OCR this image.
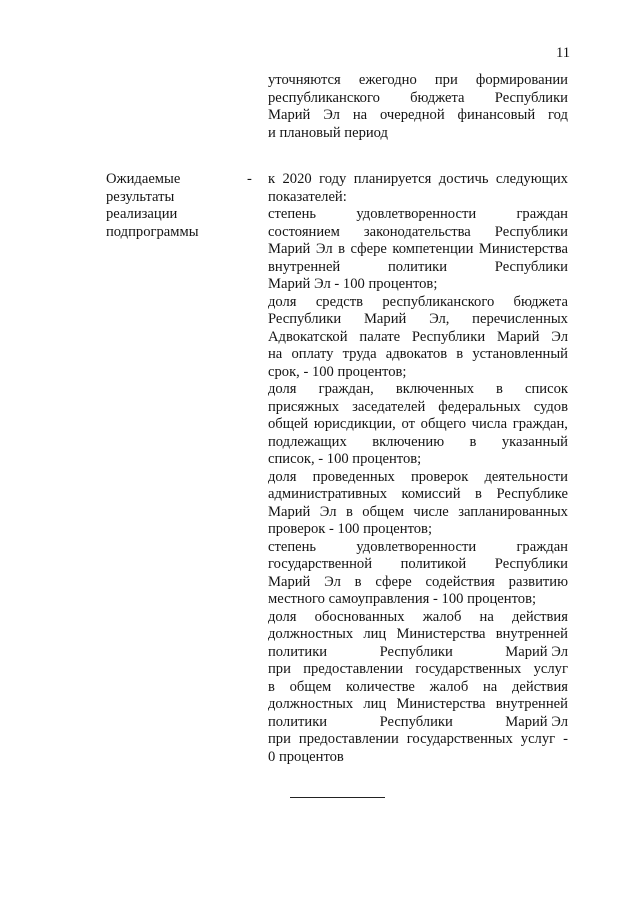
11

уточняются ежегодно при формировании
республиканского бюджета Республики
Марий Эл на очередной финансовый год
и плановый период
Ожидаемые
результаты
реализации
подпрограммы
- к 2020 году планируется достичь следующих
показателей:
степень	удовлетворенности	граждан
состоянием законодательства Республики
Марий Эл в сфере компетенции Министерства
внутренней	политики	Республики
Марий Эл - 100 процентов;
доля средств республиканского бюджета
Республики Марий Эл, перечисленных
Адвокатской палате Республики Марий Эл
на оплату труда адвокатов в установленный
срок, - 100 процентов;
доля граждан, включенных в список
присяжных заседателей федеральных судов
общей юрисдикции, от общего числа граждан,
подлежащих включению в указанный
список, - 100 процентов;
доля проведенных проверок деятельности
административных комиссий в Республике
Марий Эл в общем числе запланированных
проверок - 100 процентов;
степень	удовлетворенности	граждан
государственной политикой Республики
Марий Эл в сфере содействия развитию
местного самоуправления - 100 процентов;
доля обоснованных жалоб на действия
должностных лиц Министерства внутренней
политики	Республики	Марий Эл
при предоставлении государственных услуг
в общем количестве жалоб на действия
должностных лиц Министерства внутренней
политики	Республики	Марий Эл
при предоставлении государственных услуг -
0 процентов
